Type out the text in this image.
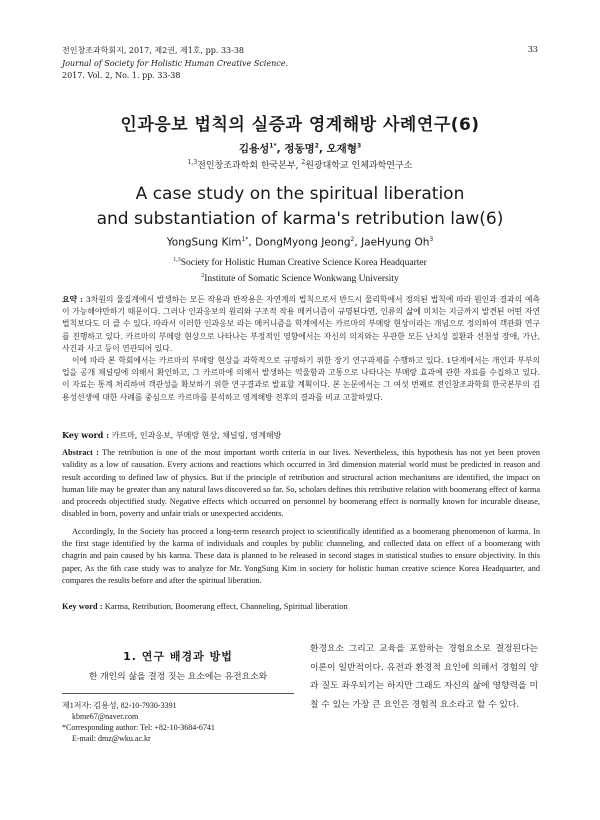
전인창조과학회지, 2017, 제2권, 제1호, pp. 33-38
Journal of Society for Holistic Human Creative Science.
2017. Vol. 2, No. 1. pp. 33-38
33
인과응보 법칙의 실증과 영계해방 사례연구(6)
김용성$^{1*}$, 정동명$^2$, 오재형$^3$
$^{1,3}$전인창조과학회 한국본부, $^2$원광대학교 인체과학연구소
A case study on the spiritual liberation
and substantiation of karma's retribution law(6)
YongSung Kim$^{1*}$, DongMyong Jeong$^2$, JaeHyung Oh$^3$
$^{1,3}$Society for Holistic Human Creative Science Korea Headquarter
$^2$Institute of Somatic Science Wonkwang University

요약 : 3차원의 물질계에서 발생하는 모든 작용과 반작용은 자연계의 법칙으로서 반드시 물리학에서 정의된 법칙에 따라 원인과 결과의 예측이 가능해야만하기 때문이다. 그러나 인과응보의 원리와 구조적 작용 메커니즘이 규명된다면, 인류의 삶에 미치는 지금까지 발견된 어떤 자연법칙보다도 더 클 수 있다. 따라서 이러한 인과응보 라는 메커니즘을 학계에서는 카르마의 부메랑 현상이라는 개념으로 정의하여 객관화 연구를 진행하고 있다. 카르마의 부메랑 현상으로 나타나는 부정적인 영향에서는 자신의 의지와는 무관한 모든 난치성 질환과 선천성 장애, 가난, 사건과 사고 등이 연관되어 있다.

이에 따라 본 학회에서는 카르마의 부메랑 현상을 과학적으로 규명하기 위한 장기 연구과제를 수행하고 있다. 1단계에서는 개인과 부부의 업을 공개 채널링에 의해서 확인하고, 그 카르마에 의해서 발생하는 억울함과 고통으로 나타나는 부메랑 효과에 관한 자료를 수집하고 있다. 이 자료는 통계 처리하여 객관성을 확보하기 위한 연구결과로 발표할 계획이다. 본 논문에서는 그 여섯 번째로 전인창조과학회 한국본부의 김용성선생에 대한 사례를 중심으로 카르마를 분석하고 영계해방 전후의 결과를 비교 고찰하였다.

Key word : 카르마, 인과응보, 부메랑 현상, 채널링, 영계해방

Abstract : The retribution is one of the most important worth criteria in our lives. Nevertheless, this hypothesis has not yet been proven validity as a low of causation. Every actions and reactions which occurred in 3rd dimension material world must be predicted in reason and result according to defined law of physics. But if the principle of retribution and structural action mechanisms are identified, the impact on human life may be greater than any natural laws discovered so far. So, scholars defines this retributive relation with boomerang effect of karma and proceeds objectified study. Negative effects which occurred on personnel by boomerang effect is normally known for incurable disease, disabled in born, poverty and unfair trials or unexpected accidents.

Accordingly, In the Society has proceed a long-term research project to scientifically identified as a boomerang phenomenon of karma. In the first stage identified by the karma of individuals and couples by public channeling, and collected data on effect of a boomerang with chagrin and pain caused by his karma. These data is planned to be released in second stages in statistical studies to ensure objectivity. In this paper, As the 6th case study was to analyze for Mr. YongSung Kim in society for holistic human creative science Korea Headquarter, and compares the results before and after the spiritual liberation.

Key word : Karma, Retribution, Boomerang effect, Channeling, Spiritual liberation
1. 연구 배경과 방법
한 개인의 삶을 결정 짓는 요소에는 유전요소와
제1저자: 김용성, 82-10-7930-3391
kbme67@naver.com
*Corresponding author: Tel: +82-10-3684-6741
E-mail: dmz@wku.ac.kr
환경요소 그리고 교육을 포함하는 경험요소로 결정된다는 이론이 일반적이다. 유전과 환경적 요인에 의해서 경험의 양과 질도 좌우되기는 하지만 그래도 자신의 삶에 영향력을 미칠 수 있는 가장 큰 요인은 경험적 요소라고 할 수 있다.
